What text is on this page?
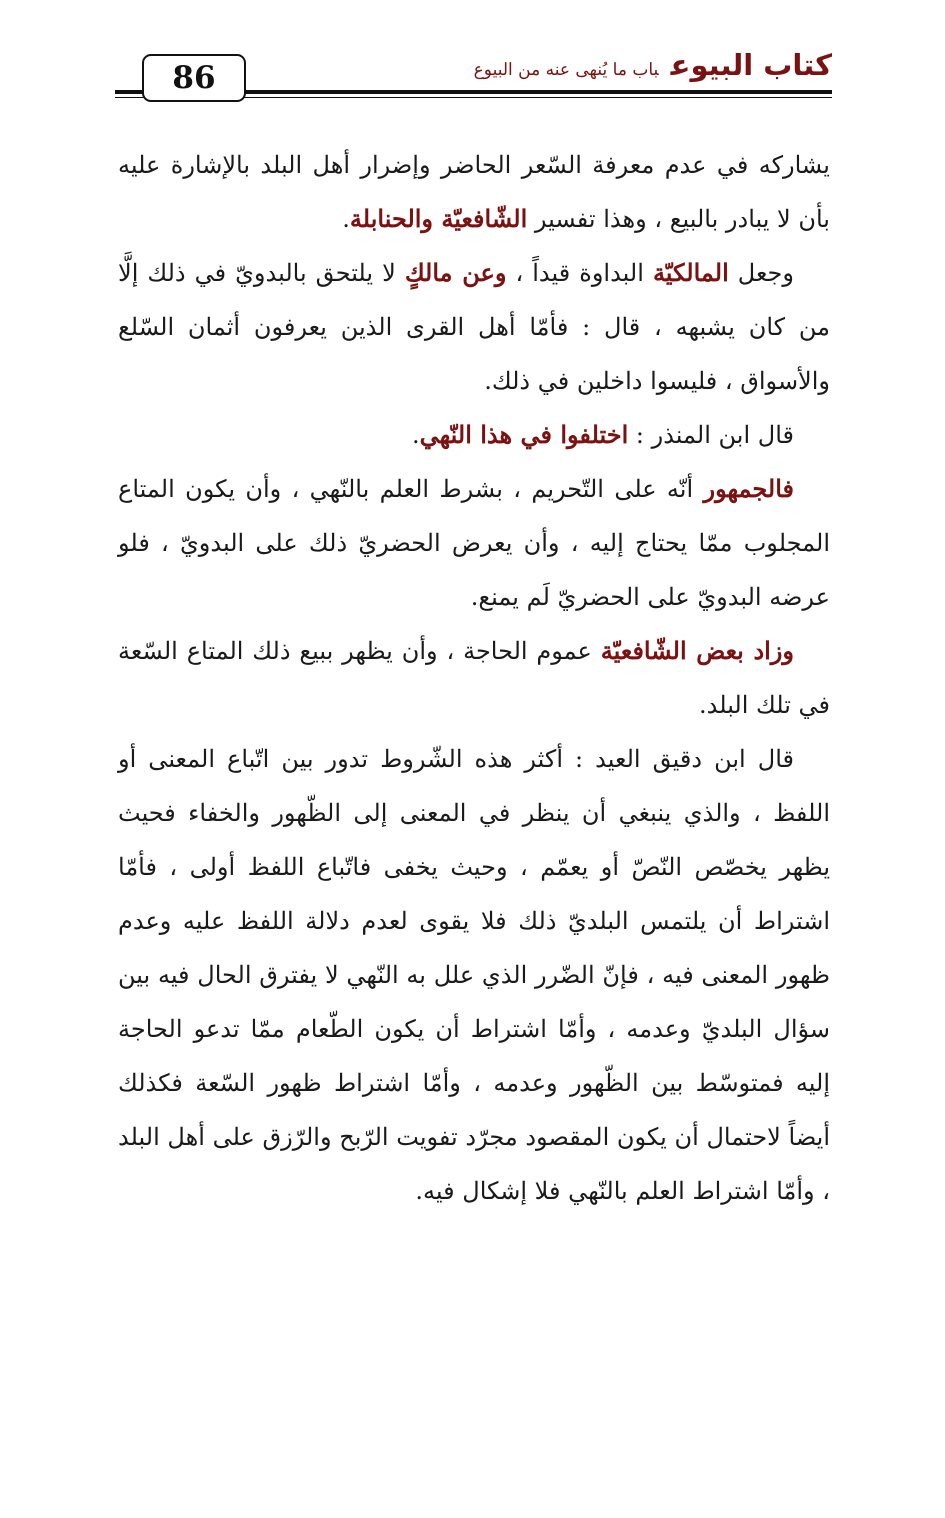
86	كتاب البيوعباب ما يُنهى عنه من البيوع

يشاركه في عدم معرفة السّعر الحاضر وإضرار أهل البلد بالإشارة عليه بأن لا يبادر بالبيع ، وهذا تفسير الشّافعيّة والحنابلة.

وجعل المالكيّة البداوة قيداً ، وعن مالكٍ لا يلتحق بالبدويّ في ذلك إلَّا من كان يشبهه ، قال : فأمّا أهل القرى الذين يعرفون أثمان السّلع والأسواق ، فليسوا داخلين في ذلك.

قال ابن المنذر : اختلفوا في هذا النّهي.

فالجمهور أنّه على التّحريم ، بشرط العلم بالنّهي ، وأن يكون المتاع المجلوب ممّا يحتاج إليه ، وأن يعرض الحضريّ ذلك على البدويّ ، فلو عرضه البدويّ على الحضريّ لَم يمنع.

وزاد بعض الشّافعيّة عموم الحاجة ، وأن يظهر ببيع ذلك المتاع السّعة في تلك البلد.

قال ابن دقيق العيد : أكثر هذه الشّروط تدور بين اتّباع المعنى أو اللفظ ، والذي ينبغي أن ينظر في المعنى إلى الظّهور والخفاء فحيث يظهر يخصّص النّصّ أو يعمّم ، وحيث يخفى فاتّباع اللفظ أولى ، فأمّا اشتراط أن يلتمس البلديّ ذلك فلا يقوى لعدم دلالة اللفظ عليه وعدم ظهور المعنى فيه ، فإنّ الضّرر الذي علل به النّهي لا يفترق الحال فيه بين سؤال البلديّ وعدمه ، وأمّا اشتراط أن يكون الطّعام ممّا تدعو الحاجة إليه فمتوسّط بين الظّهور وعدمه ، وأمّا اشتراط ظهور السّعة فكذلك أيضاً لاحتمال أن يكون المقصود مجرّد تفويت الرّبح والرّزق على أهل البلد ، وأمّا اشتراط العلم بالنّهي فلا إشكال فيه.
